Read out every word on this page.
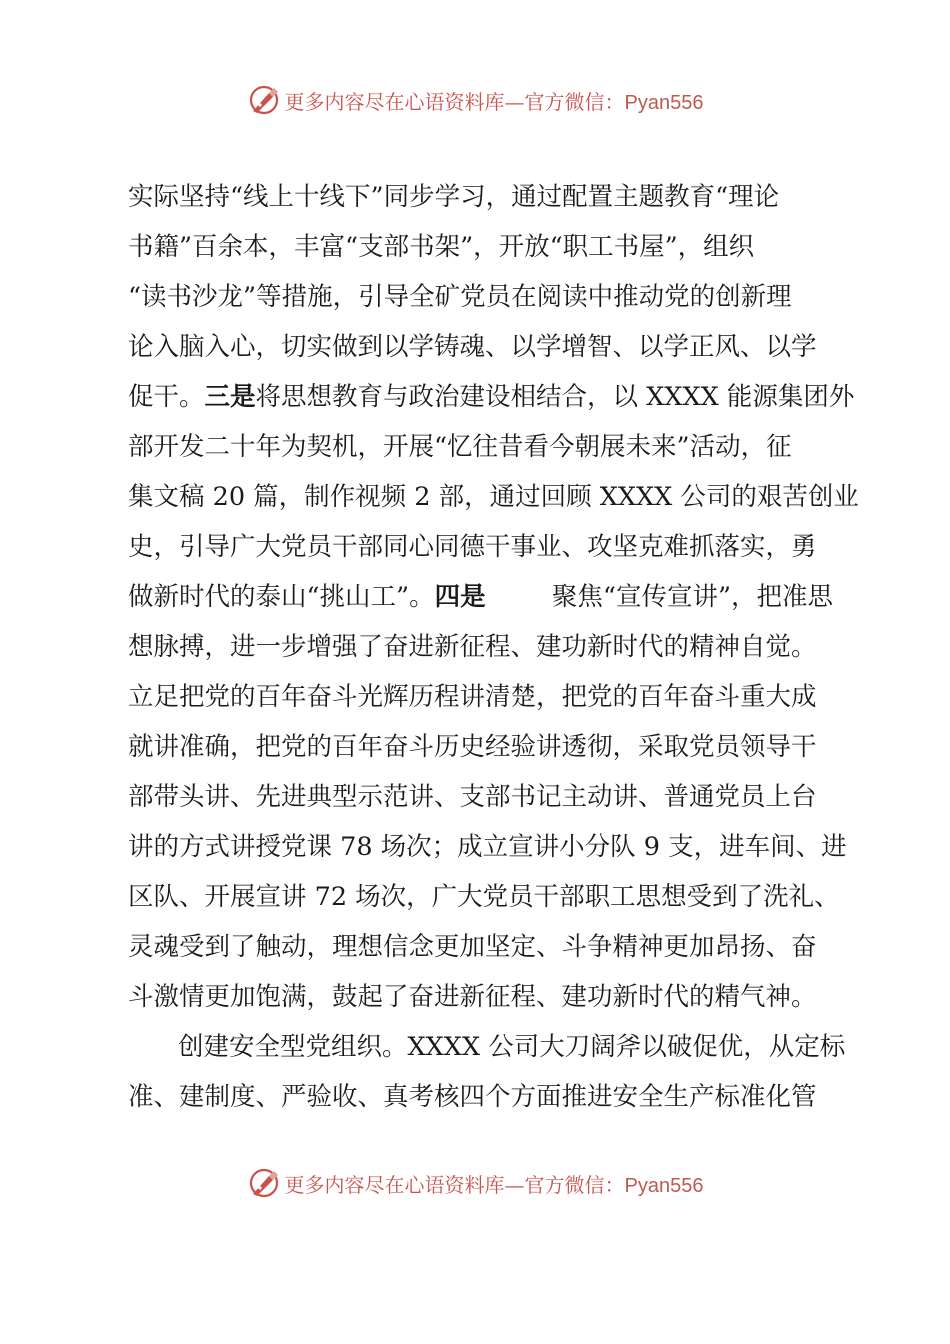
更多内容尽在心语资料库—官方微信：Pyan556
实际坚持“线上十线下”同步学习，通过配置主题教育“理论
书籍”百余本，丰富“支部书架”，开放“职工书屋”，组织
“读书沙龙”等措施，引导全矿党员在阅读中推动党的创新理
论入脑入心，切实做到以学铸魂、以学增智、以学正风、以学
促干。 三是 将思想教育与政治建设相结合，以 XXXX 能源集团外
部开发二十年为契机，开展“忆往昔看今朝展未来”活动，征
集文稿 20 篇，制作视频 2 部，通过回顾 XXXX 公司的艰苦创业
史，引导广大党员干部同心同德干事业、攻坚克难抓落实，勇
做新时代的泰山“挑山工”。 四是	聚焦“宣传宣讲”，把准思
想脉搏，进一步增强了奋进新征程、建功新时代的精神自觉。
立足把党的百年奋斗光辉历程讲清楚，把党的百年奋斗重大成
就讲准确，把党的百年奋斗历史经验讲透彻，采取党员领导干
部带头讲、先进典型示范讲、支部书记主动讲、普通党员上台
讲的方式讲授党课 78 场次；成立宣讲小分队 9 支，进车间、进
区队、开展宣讲 72 场次，广大党员干部职工思想受到了洗礼、
灵魂受到了触动，理想信念更加坚定、斗争精神更加昂扬、奋
斗激情更加饱满，鼓起了奋进新征程、建功新时代的精气神。
创建安全型党组织。XXXX 公司大刀阔斧以破促优，从定标
准、建制度、严验收、真考核四个方面推进安全生产标准化管
更多内容尽在心语资料库—官方微信：Pyan556
